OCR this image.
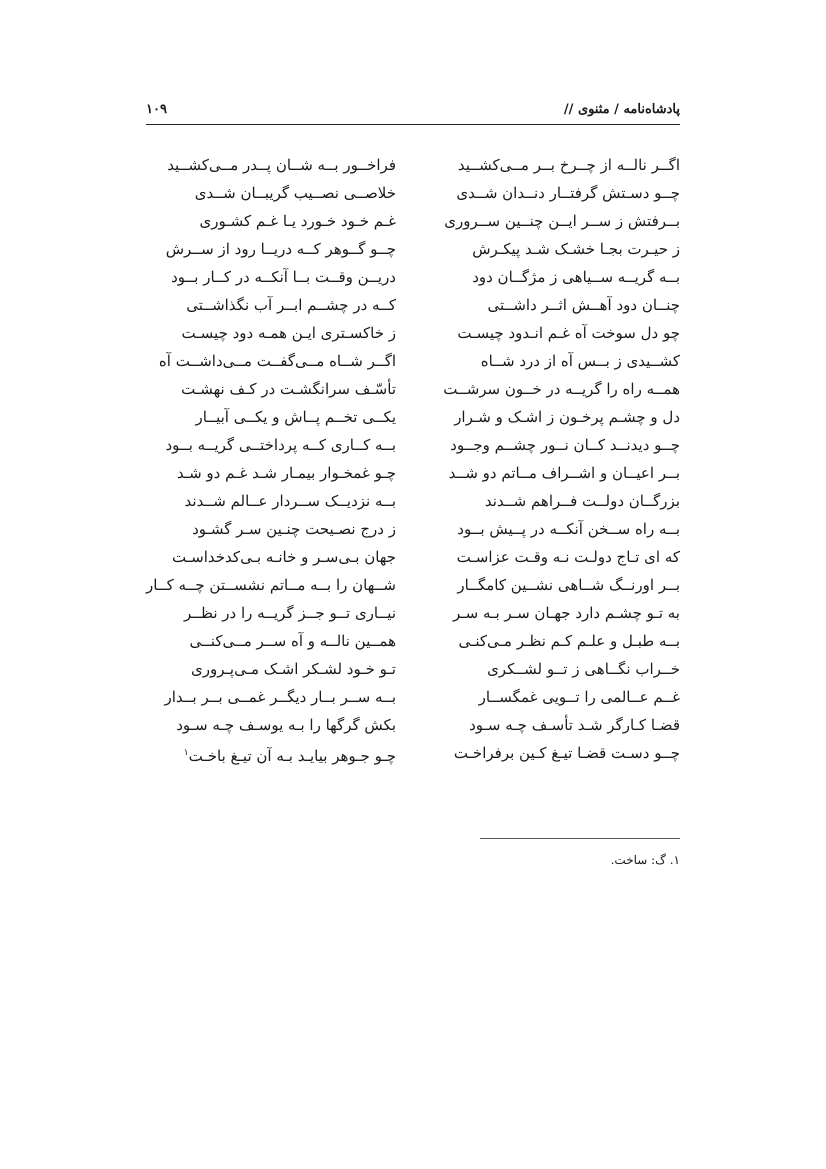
پادشاه‌نامه / مثنوی //
۱۰۹
اگــر نالــه از چــرخ بــر مــی‌کشــید
چــو دسـتش گرفتــار دنــدان شــدی
بــرفتش ز ســر ایــن چنــین ســروری
ز حیـرت بجـا خشـک شـد پیکـرش
بــه گریــه ســیاهی ز مژگــان دود
چنــان دود آهــش اثــر داشــتی
چو دل سوخت آه غـم انـدود چیسـت
کشــیدی ز بــس آه از درد شــاه
همــه راه را گریــه در خــون سرشــت
دل و چشـم پرخـون ز اشـک و شـرار
چــو دیدنــد کــان نــور چشــم وجــود
بــر اعیــان و اشــراف مــاتم دو شــد
بزرگــان دولــت فــراهم شــدند
بــه راه ســخن آنکــه در پــیش بــود
که ای تـاج دولـت نـه وقـت عزاسـت
بــر اورنــگ شــاهی نشــین کامگــار
به تـو چشـم دارد جهـان سـر بـه سـر
بــه طبـل و علـم کـم نظـر مـی‌کنـی
خــراب نگــاهی ز تــو لشــکری
غــم عــالمی را تــویی غمگســار
قضـا کـارگر شـد تأسـف چـه سـود
چــو دسـت قضـا تیـغ کـین برفراخـت
فراخــور بــه شــان پــدر مــی‌کشــید
خلاصــی نصــیب گریبــان شــدی
غـم خـود خـورد یـا غـم کشـوری
چــو گــوهر کــه دریــا رود از ســرش
دریــن وقــت بــا آنکــه در کــار بــود
کــه در چشــم ابــر آب نگذاشــتی
ز خاکسـتری ایـن همـه دود چیسـت
اگــر شــاه مــی‌گفــت مــی‌داشــت آه
تأسّـف سرانگشـت در کـف نهشـت
یکــی تخــم پــاش و یکــی آبیــار
بــه کــاری کــه پرداختــی گریــه بــود
چـو غمخـوار بیمـار شـد غـم دو شـد
بــه نزدیــک ســردار عــالم شــدند
ز درج نصـیحت چنـین سـر گشـود
جهان بـی‌سـر و خانـه بـی‌کدخداسـت
شــهان را بــه مــاتم نشســتن چــه کــار
نیــاری تــو جــز گریــه را در نظــر
همــین نالــه و آه ســر مــی‌کنــی
تـو خـود لشـکر اشـک مـی‌پـروری
بــه ســر بــار دیگــر غمــی بــر بــدار
بکش گرگها را بـه یوسـف چـه سـود
چـو جـوهر بیایـد بـه آن تیـغ باخـت$^۱$
۱. گ: ساخت.
